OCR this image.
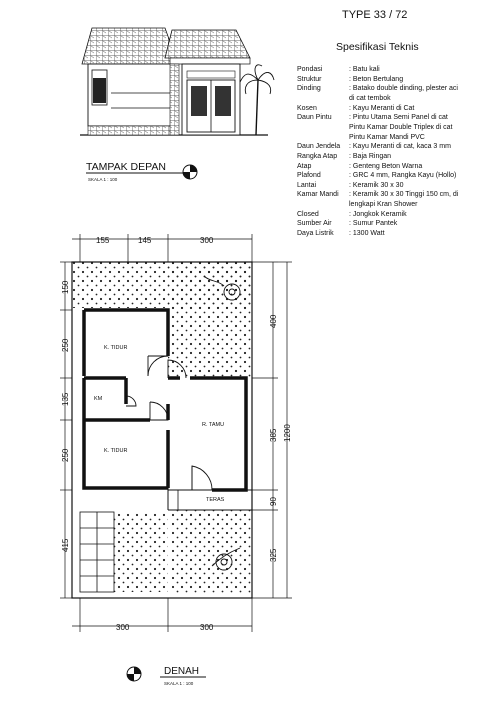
TAMPAK DEPAN
SKALA 1 : 100
K. TIDUR
KM
K. TIDUR
R. TAMU
TERAS
155	145	300
300	300
150
250
135
250
415
400
385
90
325
1200
DENAH
SKALA 1 : 100
TYPE 33 / 72
Spesifikasi Teknis
Pondasi	: Batu kali
Struktur	: Beton Bertulang
Dinding	: Batako double dinding, plester aci
di cat tembok
Kosen	: Kayu Meranti di Cat
Daun Pintu	: Pintu Utama Semi Panel di cat
Pintu Kamar Double Tripleк di cat
Pintu Kamar Mandi PVC
Daun Jendela	: Kayu Meranti di cat, kaca 3 mm
Rangka Atap	: Baja Ringan
Atap	: Genteng Beton Warna
Plafond	: GRC 4 mm, Rangka Kayu (Hollo)
Lantai	: Keramik 30 x 30
Kamar Mandi	: Keramik 30 x 30 Tinggi 150 cm, di
lengkapi Kran Shower
Closed	: Jongkok Keramik
Sumber Air	: Sumur Pantek
Daya Listrik	: 1300 Watt
